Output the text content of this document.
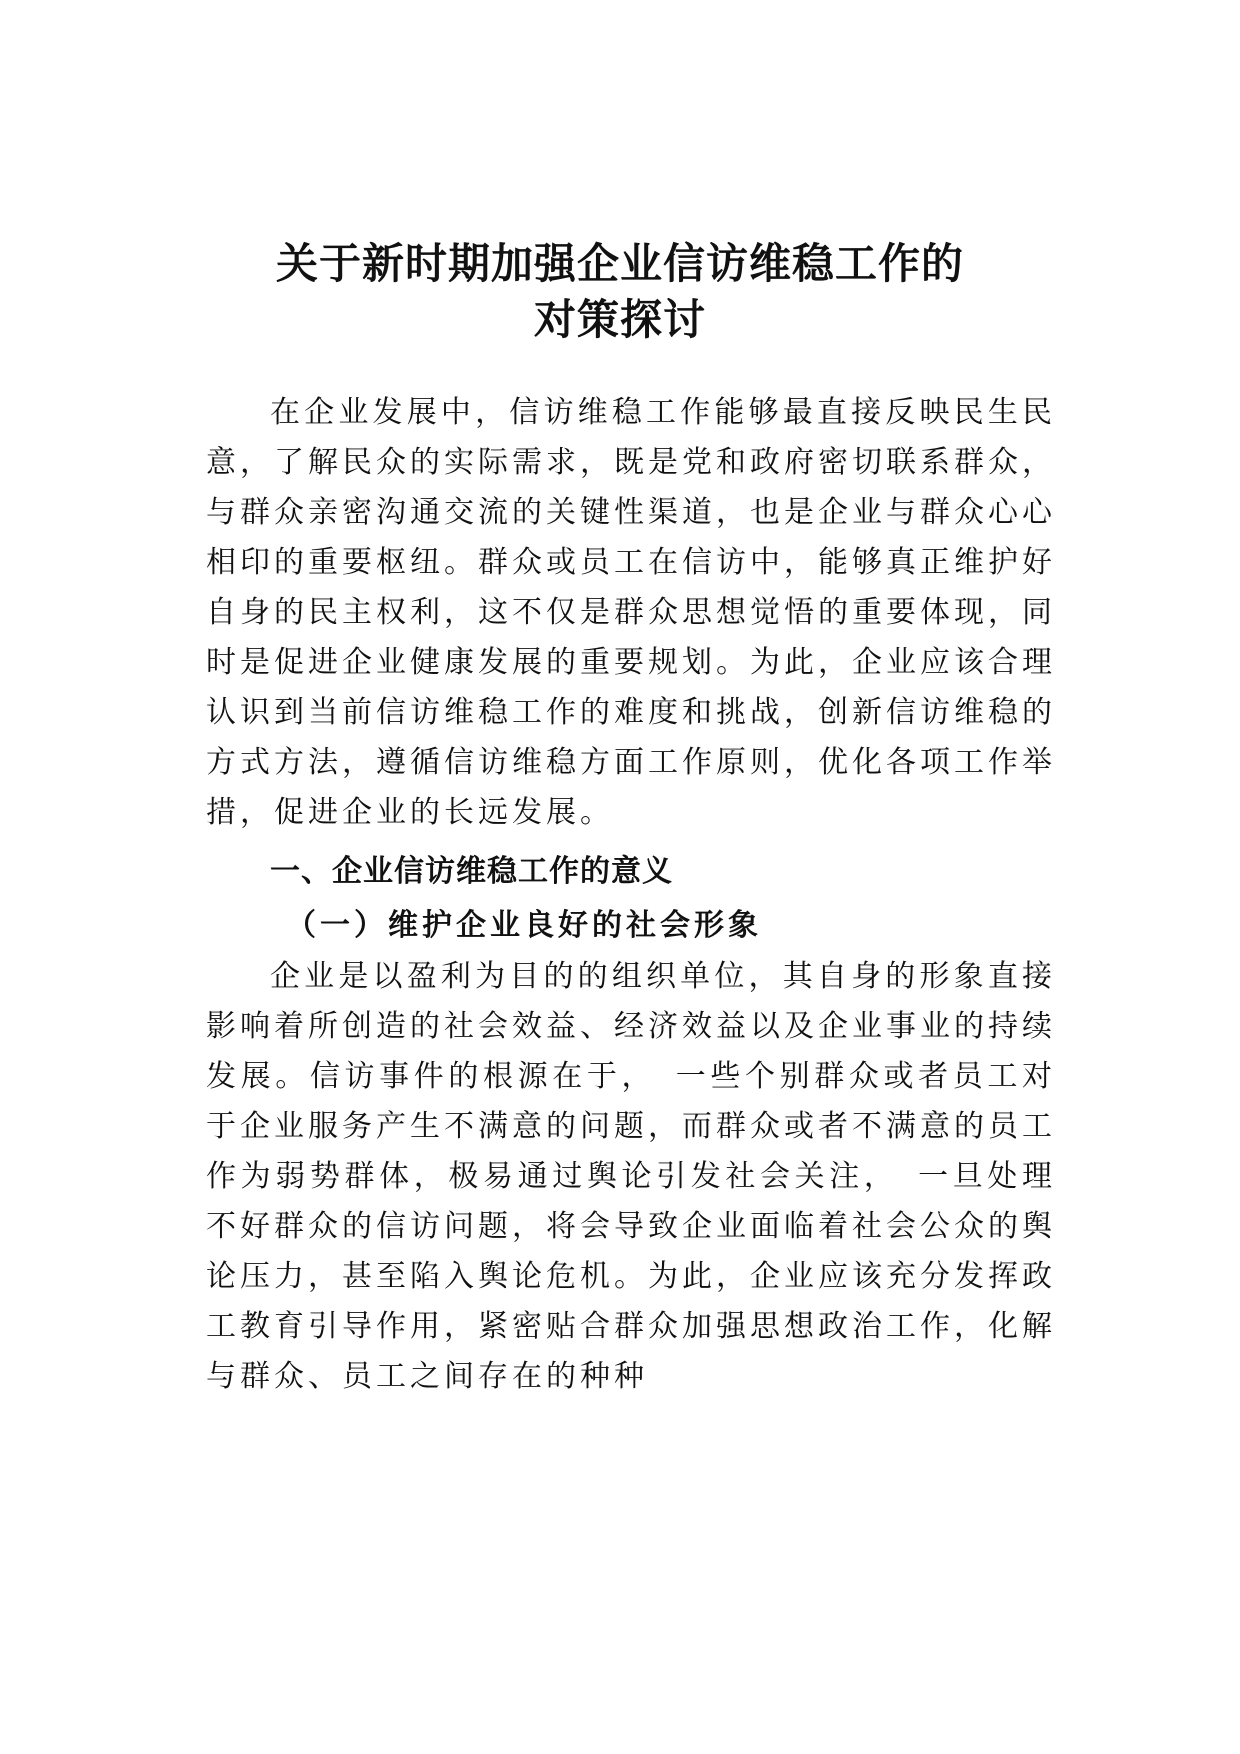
关于新时期加强企业信访维稳工作的
对策探讨

在企业发展中，信访维稳工作能够最直接反映民生民意，了解民众的实际需求，既是党和政府密切联系群众，与群众亲密沟通交流的关键性渠道，也是企业与群众心心相印的重要枢纽。群众或员工在信访中，能够真正维护好自身的民主权利，这不仅是群众思想觉悟的重要体现，同时是促进企业健康发展的重要规划。为此，企业应该合理认识到当前信访维稳工作的难度和挑战，创新信访维稳的方式方法，遵循信访维稳方面工作原则，优化各项工作举措，促进企业的长远发展。

一、企业信访维稳工作的意义
（一）维护企业良好的社会形象

企业是以盈利为目的的组织单位，其自身的形象直接影响着所创造的社会效益、经济效益以及企业事业的持续发展。信访事件的根源在于，　一些个别群众或者员工对于企业服务产生不满意的问题，而群众或者不满意的员工作为弱势群体，极易通过舆论引发社会关注，　一旦处理不好群众的信访问题，将会导致企业面临着社会公众的舆论压力，甚至陷入舆论危机。为此，企业应该充分发挥政工教育引导作用，紧密贴合群众加强思想政治工作，化解与群众、员工之间存在的种种
